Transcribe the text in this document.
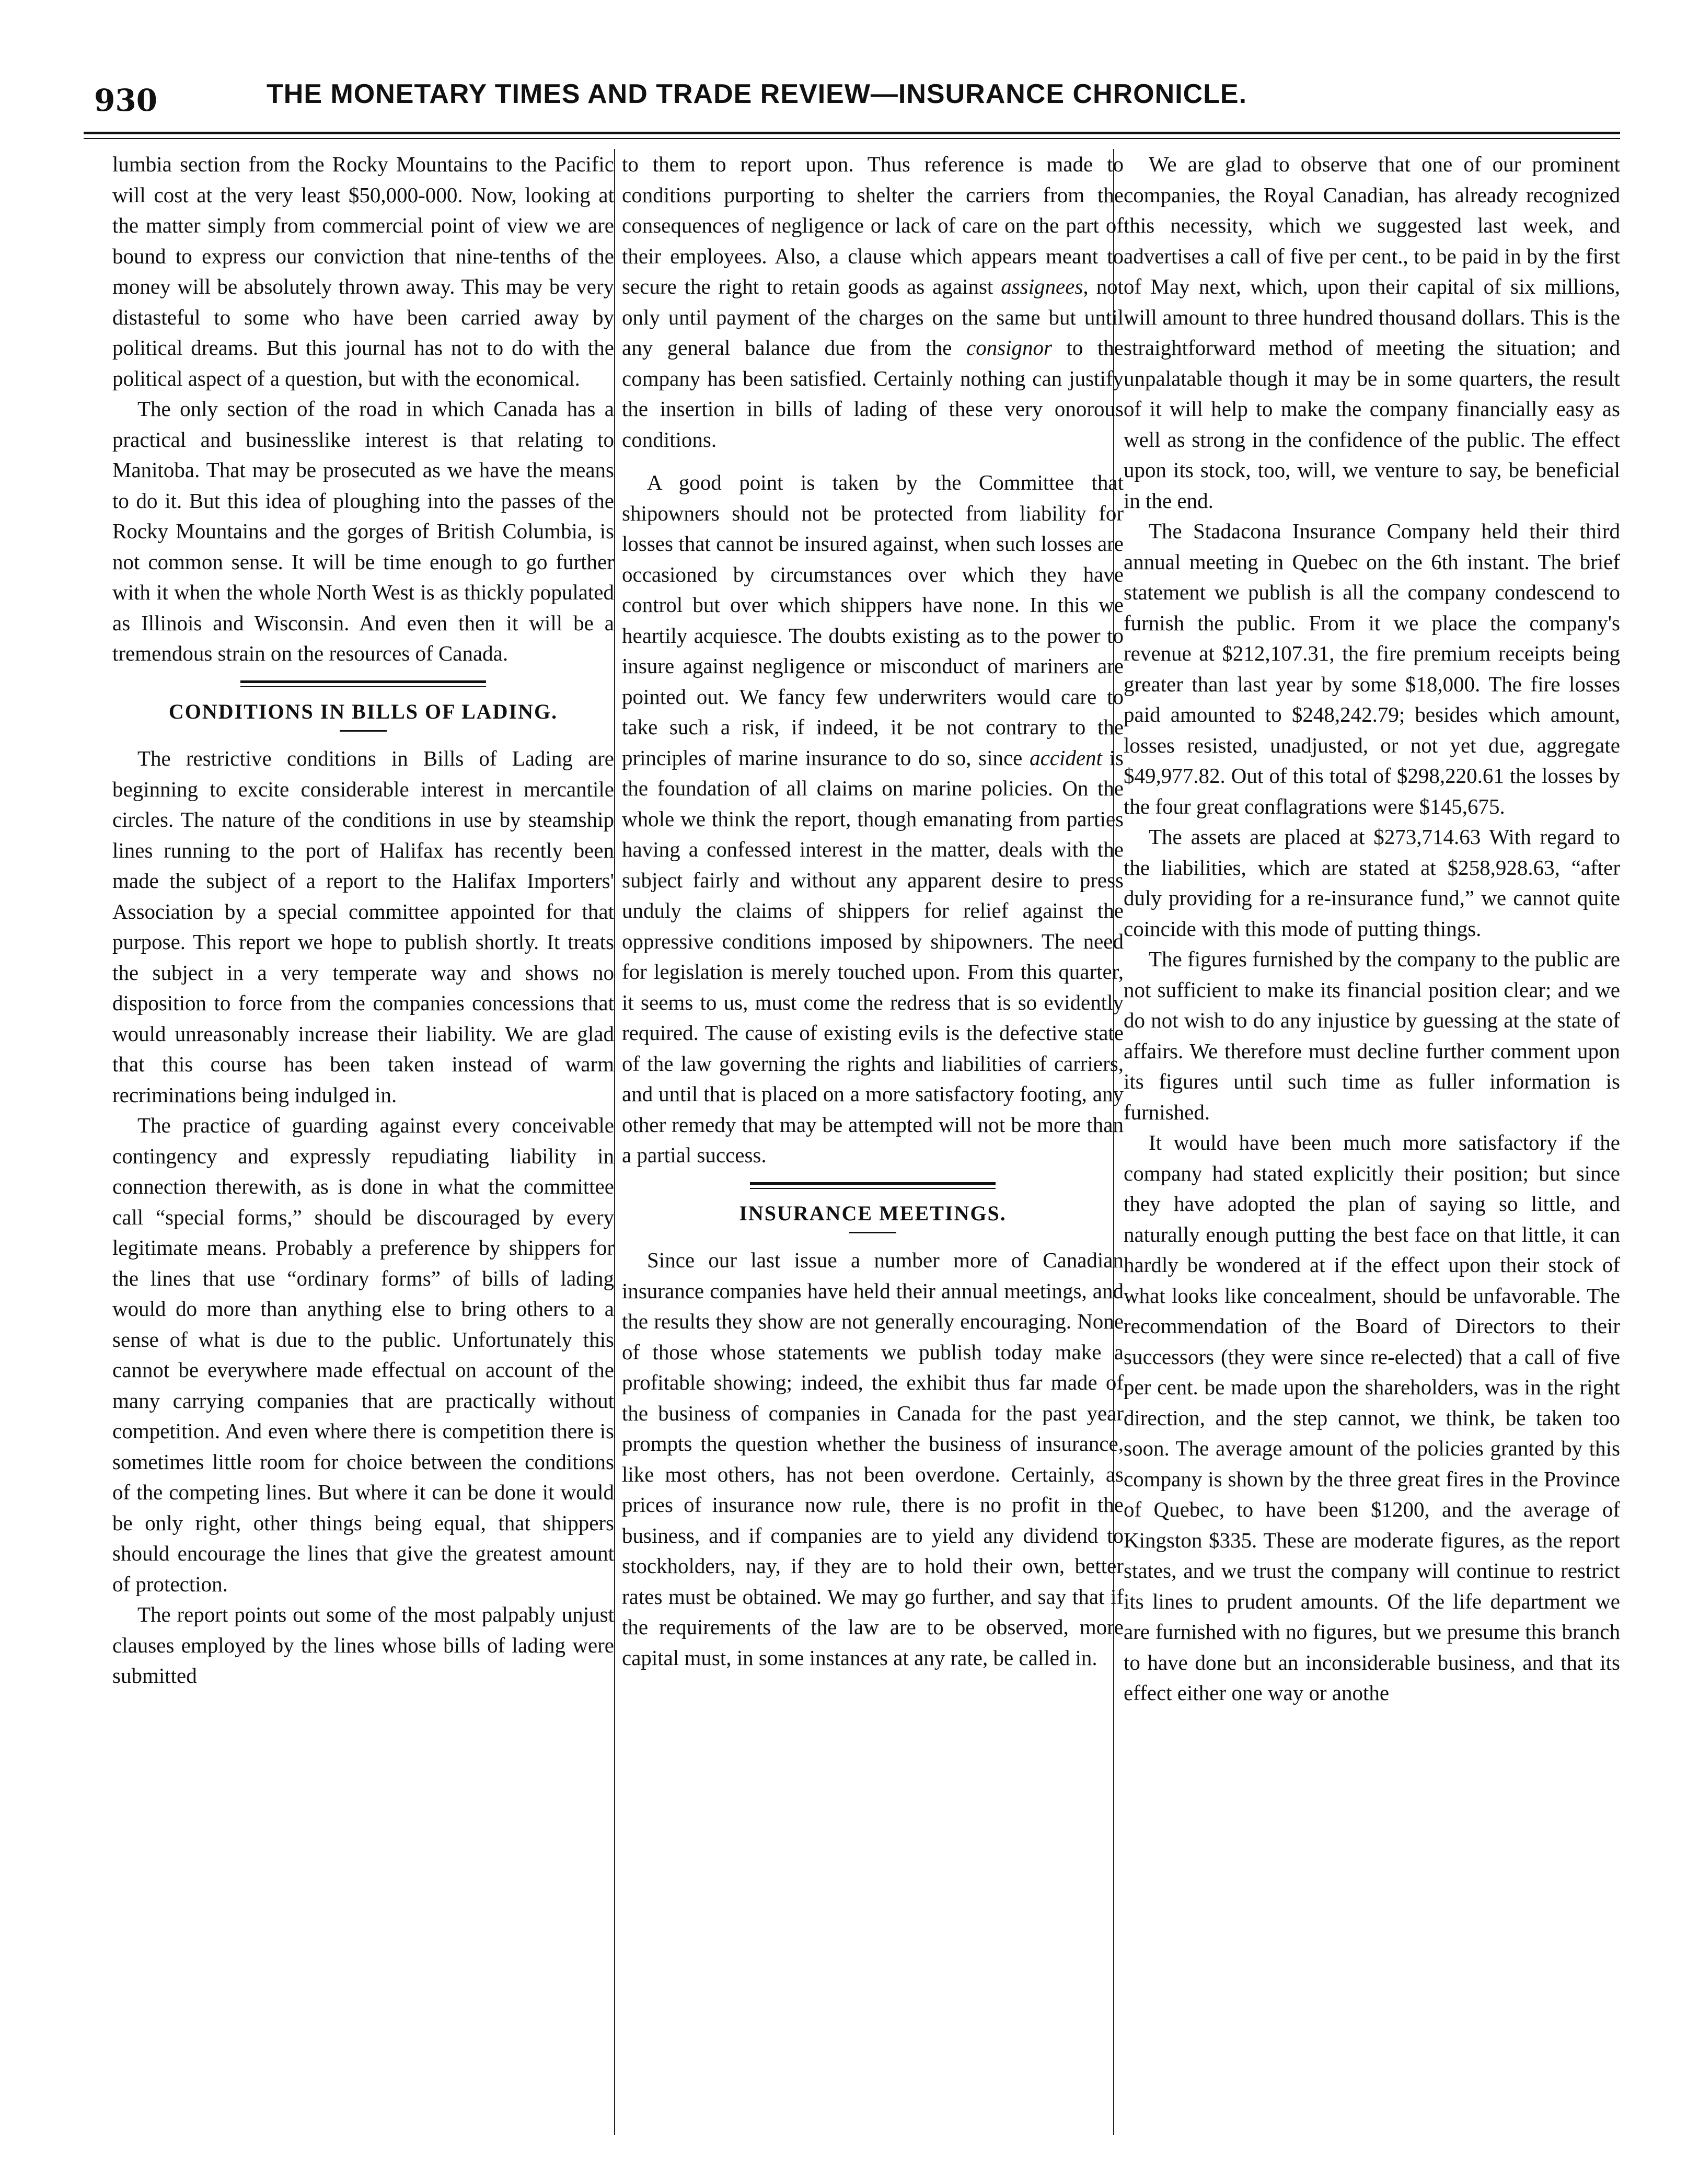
930	THE MONETARY TIMES AND TRADE REVIEW—INSURANCE CHRONICLE.

lumbia section from the Rocky Mountains to the Pacific will cost at the very least $50,000-000. Now, looking at the matter simply from commercial point of view we are bound to express our conviction that nine-tenths of the money will be absolutely thrown away. This may be very distasteful to some who have been carried away by political dreams. But this journal has not to do with the political aspect of a question, but with the economical.

The only section of the road in which Canada has a practical and businesslike interest is that relating to Manitoba. That may be prosecuted as we have the means to do it. But this idea of ploughing into the passes of the Rocky Mountains and the gorges of British Columbia, is not common sense. It will be time enough to go further with it when the whole North West is as thickly populated as Illinois and Wisconsin. And even then it will be a tremendous strain on the resources of Canada.

CONDITIONS IN BILLS OF LADING.

The restrictive conditions in Bills of Lading are beginning to excite considerable interest in mercantile circles. The nature of the conditions in use by steamship lines running to the port of Halifax has recently been made the subject of a report to the Halifax Importers' Association by a special committee appointed for that purpose. This report we hope to publish shortly. It treats the subject in a very temperate way and shows no disposition to force from the companies concessions that would unreasonably increase their liability. We are glad that this course has been taken instead of warm recriminations being indulged in.

The practice of guarding against every conceivable contingency and expressly repudiating liability in connection therewith, as is done in what the committee call “special forms,” should be discouraged by every legitimate means. Probably a preference by shippers for the lines that use “ordinary forms” of bills of lading would do more than anything else to bring others to a sense of what is due to the public. Unfortunately this cannot be everywhere made effectual on account of the many carrying companies that are practically without competition. And even where there is competition there is sometimes little room for choice between the conditions of the competing lines. But where it can be done it would be only right, other things being equal, that shippers should encourage the lines that give the greatest amount of protection.

The report points out some of the most palpably unjust clauses employed by the lines whose bills of lading were submitted

to them to report upon. Thus reference is made to conditions purporting to shelter the carriers from the consequences of negligence or lack of care on the part of their employees. Also, a clause which appears meant to secure the right to retain goods as against assignees, not only until payment of the charges on the same but until any general balance due from the consignor to the company has been satisfied. Certainly nothing can justify the insertion in bills of lading of these very onorous conditions.

A good point is taken by the Committee that shipowners should not be protected from liability for losses that cannot be insured against, when such losses are occasioned by circumstances over which they have control but over which shippers have none. In this we heartily acquiesce. The doubts existing as to the power to insure against negligence or misconduct of mariners are pointed out. We fancy few underwriters would care to take such a risk, if indeed, it be not contrary to the principles of marine insurance to do so, since accident is the foundation of all claims on marine policies. On the whole we think the report, though emanating from parties having a confessed interest in the matter, deals with the subject fairly and without any apparent desire to press unduly the claims of shippers for relief against the oppressive conditions imposed by shipowners. The need for legislation is merely touched upon. From this quarter, it seems to us, must come the redress that is so evidently required. The cause of existing evils is the defective state of the law governing the rights and liabilities of carriers, and until that is placed on a more satisfactory footing, any other remedy that may be attempted will not be more than a partial success.

INSURANCE MEETINGS.

Since our last issue a number more of Canadian insurance companies have held their annual meetings, and the results they show are not generally encouraging. None of those whose statements we publish today make a profitable showing; indeed, the exhibit thus far made of the business of companies in Canada for the past year prompts the question whether the business of insurance, like most others, has not been overdone. Certainly, as prices of insurance now rule, there is no profit in the business, and if companies are to yield any dividend to stockholders, nay, if they are to hold their own, better rates must be obtained. We may go further, and say that if the requirements of the law are to be observed, more capital must, in some instances at any rate, be called in.

We are glad to observe that one of our prominent companies, the Royal Canadian, has already recognized this necessity, which we suggested last week, and advertises a call of five per cent., to be paid in by the first of May next, which, upon their capital of six millions, will amount to three hundred thousand dollars. This is the straightforward method of meeting the situation; and unpalatable though it may be in some quarters, the result of it will help to make the company financially easy as well as strong in the confidence of the public. The effect upon its stock, too, will, we venture to say, be beneficial in the end.

The Stadacona Insurance Company held their third annual meeting in Quebec on the 6th instant. The brief statement we publish is all the company condescend to furnish the public. From it we place the company's revenue at $212,107.31, the fire premium receipts being greater than last year by some $18,000. The fire losses paid amounted to $248,242.79; besides which amount, losses resisted, unadjusted, or not yet due, aggregate $49,977.82. Out of this total of $298,220.61 the losses by the four great conflagrations were $145,675.

The assets are placed at $273,714.63 With regard to the liabilities, which are stated at $258,928.63, “after duly providing for a re-insurance fund,” we cannot quite coincide with this mode of putting things.

The figures furnished by the company to the public are not sufficient to make its financial position clear; and we do not wish to do any injustice by guessing at the state of affairs. We therefore must decline further comment upon its figures until such time as fuller information is furnished.

It would have been much more satisfactory if the company had stated explicitly their position; but since they have adopted the plan of saying so little, and naturally enough putting the best face on that little, it can hardly be wondered at if the effect upon their stock of what looks like concealment, should be unfavorable. The recommendation of the Board of Directors to their successors (they were since re-elected) that a call of five per cent. be made upon the shareholders, was in the right direction, and the step cannot, we think, be taken too soon. The average amount of the policies granted by this company is shown by the three great fires in the Province of Quebec, to have been $1200, and the average of Kingston $335. These are moderate figures, as the report states, and we trust the company will continue to restrict its lines to prudent amounts. Of the life department we are furnished with no figures, but we presume this branch to have done but an inconsiderable business, and that its effect either one way or anothe
